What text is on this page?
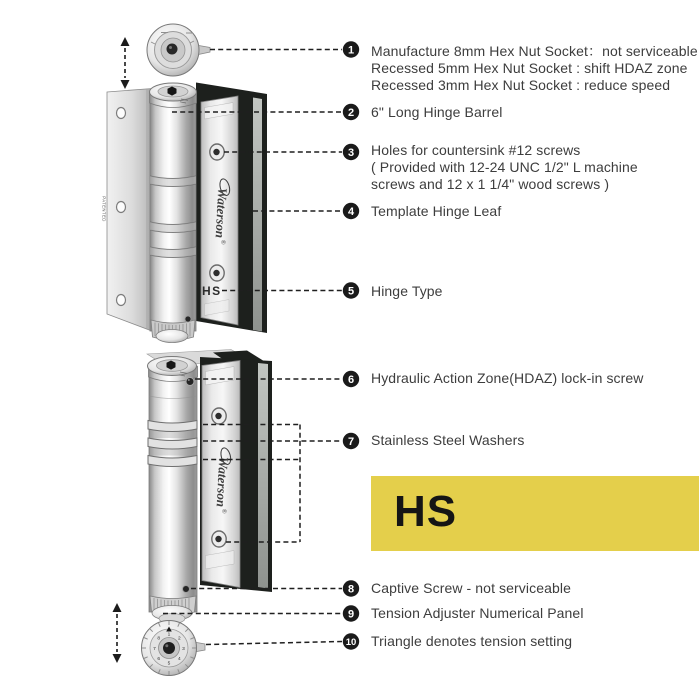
PATENTED	Waterson
®
HS
Waterson
®
1
2
3
4
5
6
7
8
1
2
3
4
5
6
7
8
9
10
Manufacture 8mm Hex Nut Socket：not serviceable
Recessed 5mm Hex Nut Socket : shift HDAZ zone
Recessed 3mm Hex Nut Socket : reduce speed
6" Long Hinge Barrel
Holes for countersink #12 screws
( Provided with 12-24 UNC 1/2" L machine
screws and 12 x 1 1/4" wood screws )
Template Hinge Leaf
Hinge Type
Hydraulic Action Zone(HDAZ) lock-in screw
Stainless Steel Washers
Captive Screw - not serviceable
Tension Adjuster Numerical Panel
Triangle denotes tension setting
HS
